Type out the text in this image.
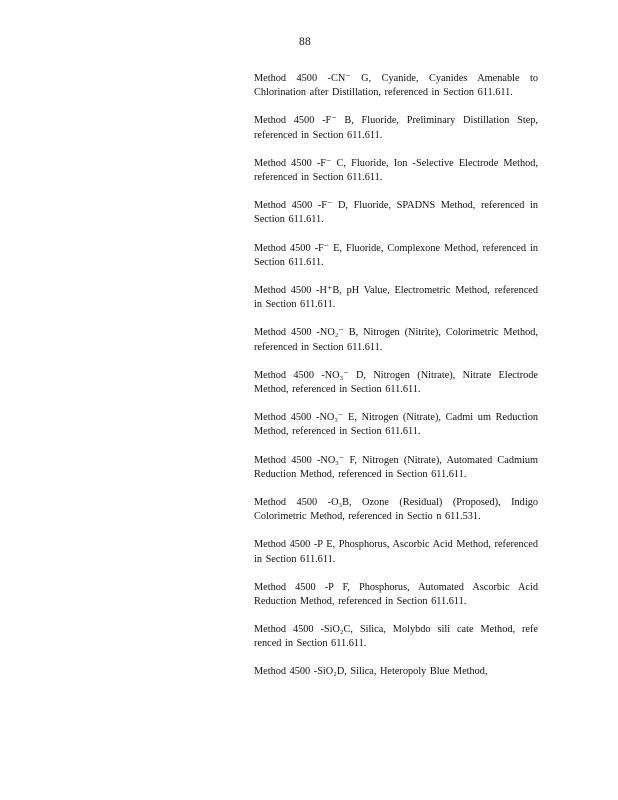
88

Method 4500 -CN⁻ G, Cyanide, Cyanides Amenable to Chlorination after Distillation, referenced in Section 611.611.

Method 4500 -F⁻ B, Fluoride, Preliminary Distillation Step, referenced in Section 611.611.

Method 4500 -F⁻ C, Fluoride, Ion -Selective Electrode Method, referenced in Section 611.611.

Method 4500 -F⁻ D, Fluoride, SPADNS Method, referenced in Section 611.611.

Method 4500 -F⁻ E, Fluoride, Complexone Method, referenced in Section 611.611.

Method 4500 -H⁺B, pH Value, Electrometric Method, referenced in Section 611.611.

Method 4500 -NO₂⁻ B, Nitrogen (Nitrite), Colorimetric Method, referenced in Section 611.611.

Method 4500 -NO₃⁻ D, Nitrogen (Nitrate), Nitrate Electrode Method, referenced in Section 611.611.

Method 4500 -NO₃⁻ E, Nitrogen (Nitrate), Cadmi um Reduction Method, referenced in Section 611.611.

Method 4500 -NO₃⁻ F, Nitrogen (Nitrate), Automated Cadmium Reduction Method, referenced in Section 611.611.

Method 4500 -O₃B, Ozone (Residual) (Proposed), Indigo Colorimetric Method, referenced in Sectio n 611.531.

Method 4500 -P E, Phosphorus, Ascorbic Acid Method, referenced in Section 611.611.

Method 4500 -P F, Phosphorus, Automated Ascorbic Acid Reduction Method, referenced in Section 611.611.

Method 4500 -SiO₂C, Silica, Molybdo sili cate Method, refe renced in Section 611.611.

Method 4500 -SiO₂D, Silica, Heteropoly Blue Method,
